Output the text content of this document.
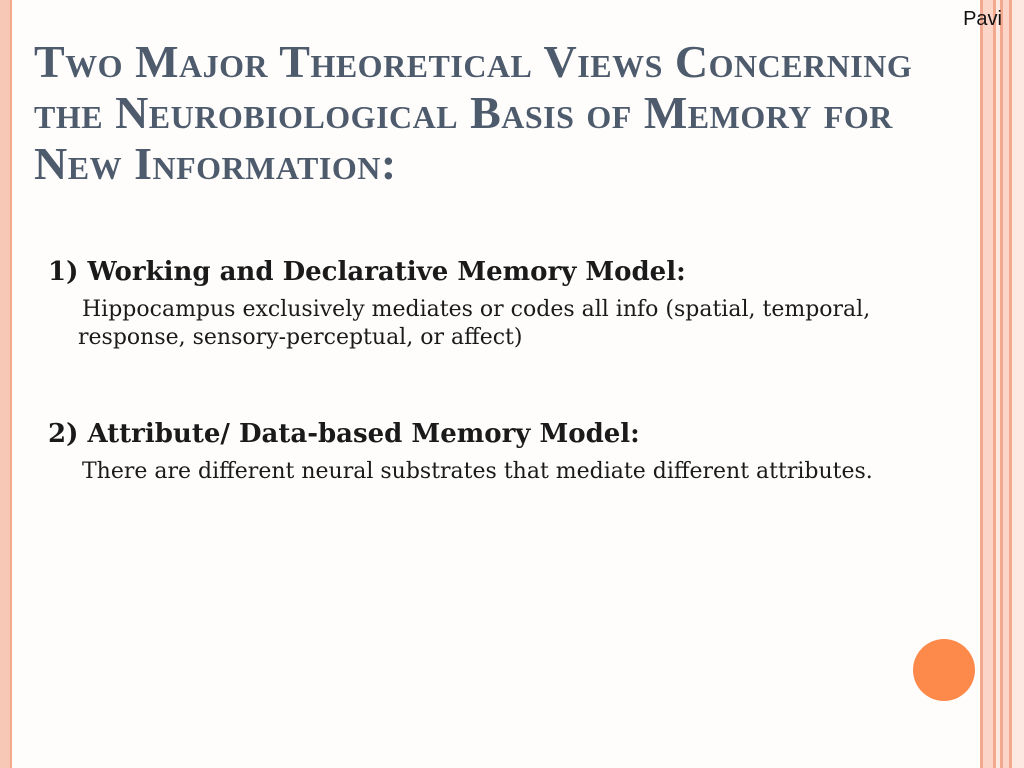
Pavi
Two Major Theoretical Views Concerning the Neurobiological Basis of Memory for New Information:

1) Working and Declarative Memory Model:

Hippocampus exclusively mediates or codes all info (spatial, temporal, response, sensory-perceptual, or affect)

2) Attribute/ Data-based Memory Model:

There are different neural substrates that mediate different attributes.
